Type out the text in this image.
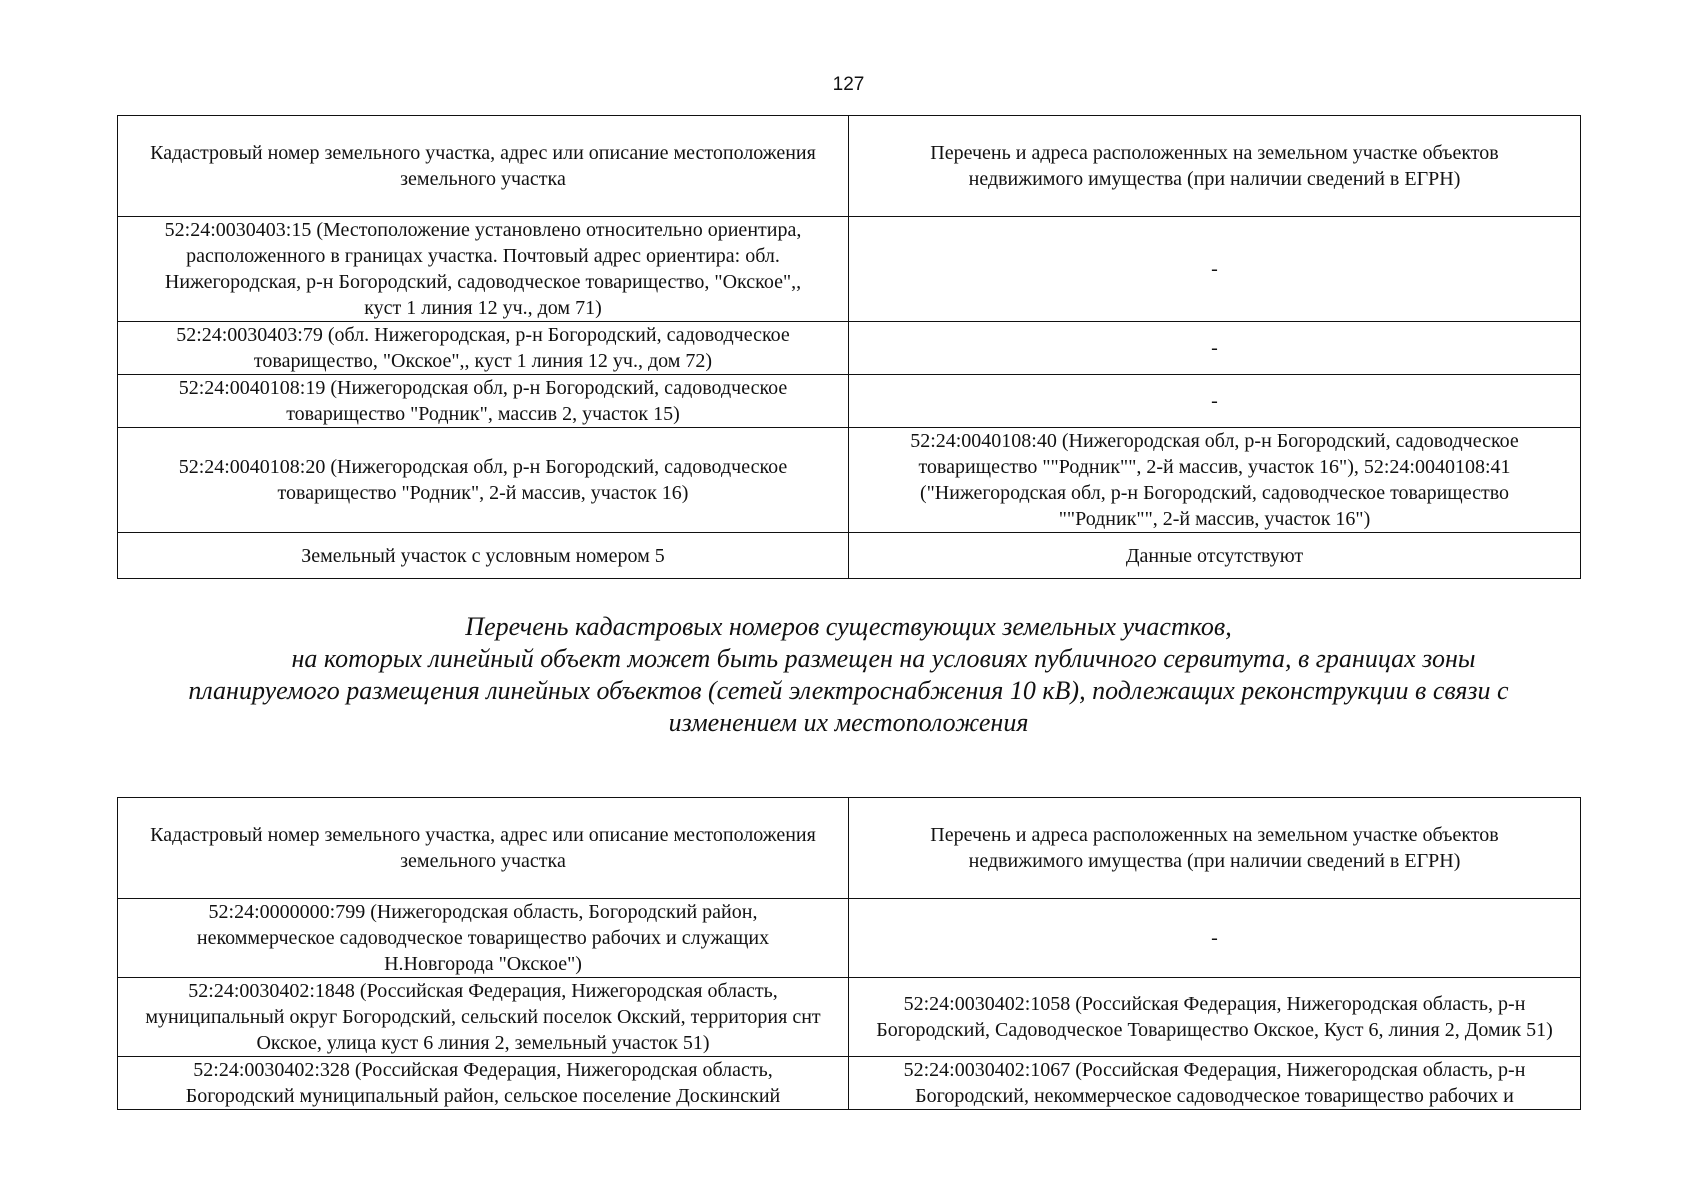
127
Кадастровый номер земельного участка, адрес или описание местоположения земельного участка	Перечень и адреса расположенных на земельном участке объектов недвижимого имущества (при наличии сведений в ЕГРН)
52:24:0030403:15 (Местоположение установлено относительно ориентира, расположенного в границах участка. Почтовый адрес ориентира: обл. Нижегородская, р-н Богородский, садоводческое товарищество, "Окское",, куст 1 линия 12 уч., дом 71)	-
52:24:0030403:79 (обл. Нижегородская, р-н Богородский, садоводческое товарищество, "Окское",, куст 1 линия 12 уч., дом 72)	-
52:24:0040108:19 (Нижегородская обл, р-н Богородский, садоводческое товарищество "Родник", массив 2, участок 15)	-
52:24:0040108:20 (Нижегородская обл, р-н Богородский, садоводческое товарищество "Родник", 2-й массив, участок 16)	52:24:0040108:40 (Нижегородская обл, р-н Богородский, садоводческое товарищество ""Родник"", 2-й массив, участок 16"), 52:24:0040108:41 ("Нижегородская обл, р-н Богородский, садоводческое товарищество ""Родник"", 2-й массив, участок 16")
Земельный участок с условным номером 5	Данные отсутствуют
Перечень кадастровых номеров существующих земельных участков,
на которых линейный объект может быть размещен на условиях публичного сервитута, в границах зоны
планируемого размещения линейных объектов (сетей электроснабжения 10 кВ), подлежащих реконструкции в связи с
изменением их местоположения
Кадастровый номер земельного участка, адрес или описание местоположения земельного участка	Перечень и адреса расположенных на земельном участке объектов недвижимого имущества (при наличии сведений в ЕГРН)
52:24:0000000:799 (Нижегородская область, Богородский район, некоммерческое садоводческое товарищество рабочих и служащих Н.Новгорода "Окское")	-
52:24:0030402:1848 (Российская Федерация, Нижегородская область, муниципальный округ Богородский, сельский поселок Окский, территория снт Окское, улица куст 6 линия 2, земельный участок 51)	52:24:0030402:1058 (Российская Федерация, Нижегородская область, р-н Богородский, Садоводческое Товарищество Окское, Куст 6, линия 2, Домик 51)
52:24:0030402:328 (Российская Федерация, Нижегородская область, Богородский муниципальный район, сельское поселение Доскинский	52:24:0030402:1067 (Российская Федерация, Нижегородская область, р-н Богородский, некоммерческое садоводческое товарищество рабочих и
